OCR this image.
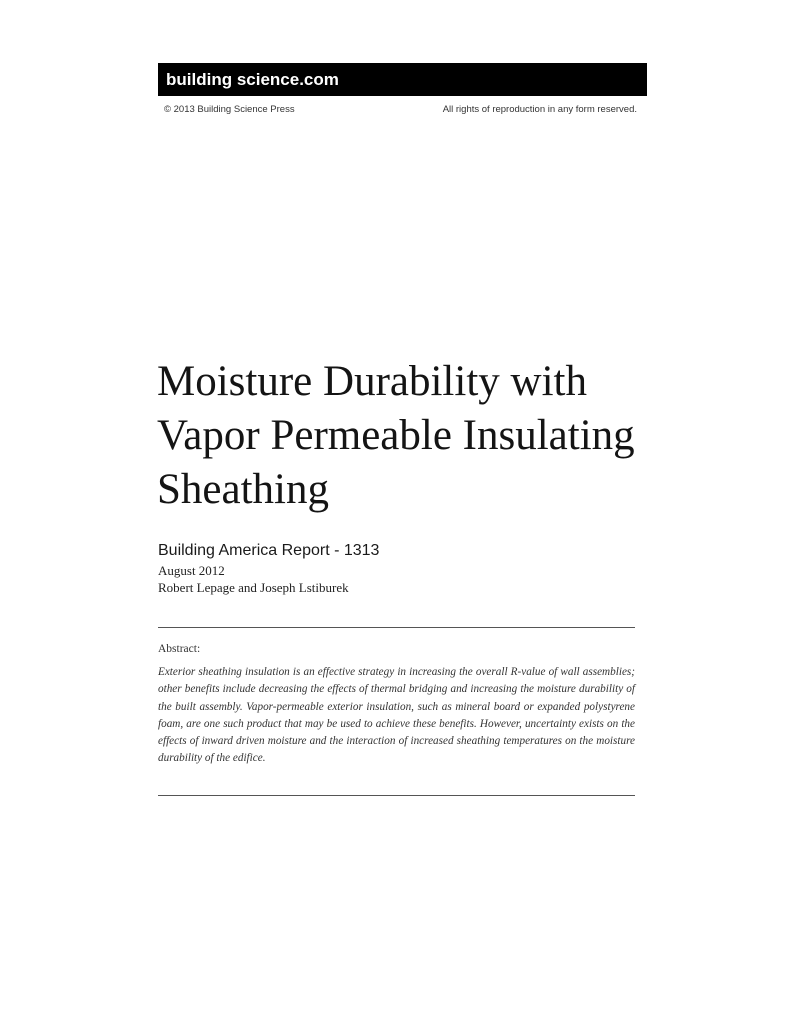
building science.com
© 2013 Building Science Press	All rights of reproduction in any form reserved.
Moisture Durability with Vapor Permeable Insulating Sheathing
Building America Report - 1313
August 2012
Robert Lepage and Joseph Lstiburek
Abstract:

Exterior sheathing insulation is an effective strategy in increasing the overall R-value of wall assemblies; other benefits include decreasing the effects of thermal bridging and increasing the moisture durability of the built assembly. Vapor-permeable exterior insulation, such as mineral board or expanded polystyrene foam, are one such product that may be used to achieve these benefits. However, uncertainty exists on the effects of inward driven moisture and the interaction of increased sheathing temperatures on the moisture durability of the edifice.
